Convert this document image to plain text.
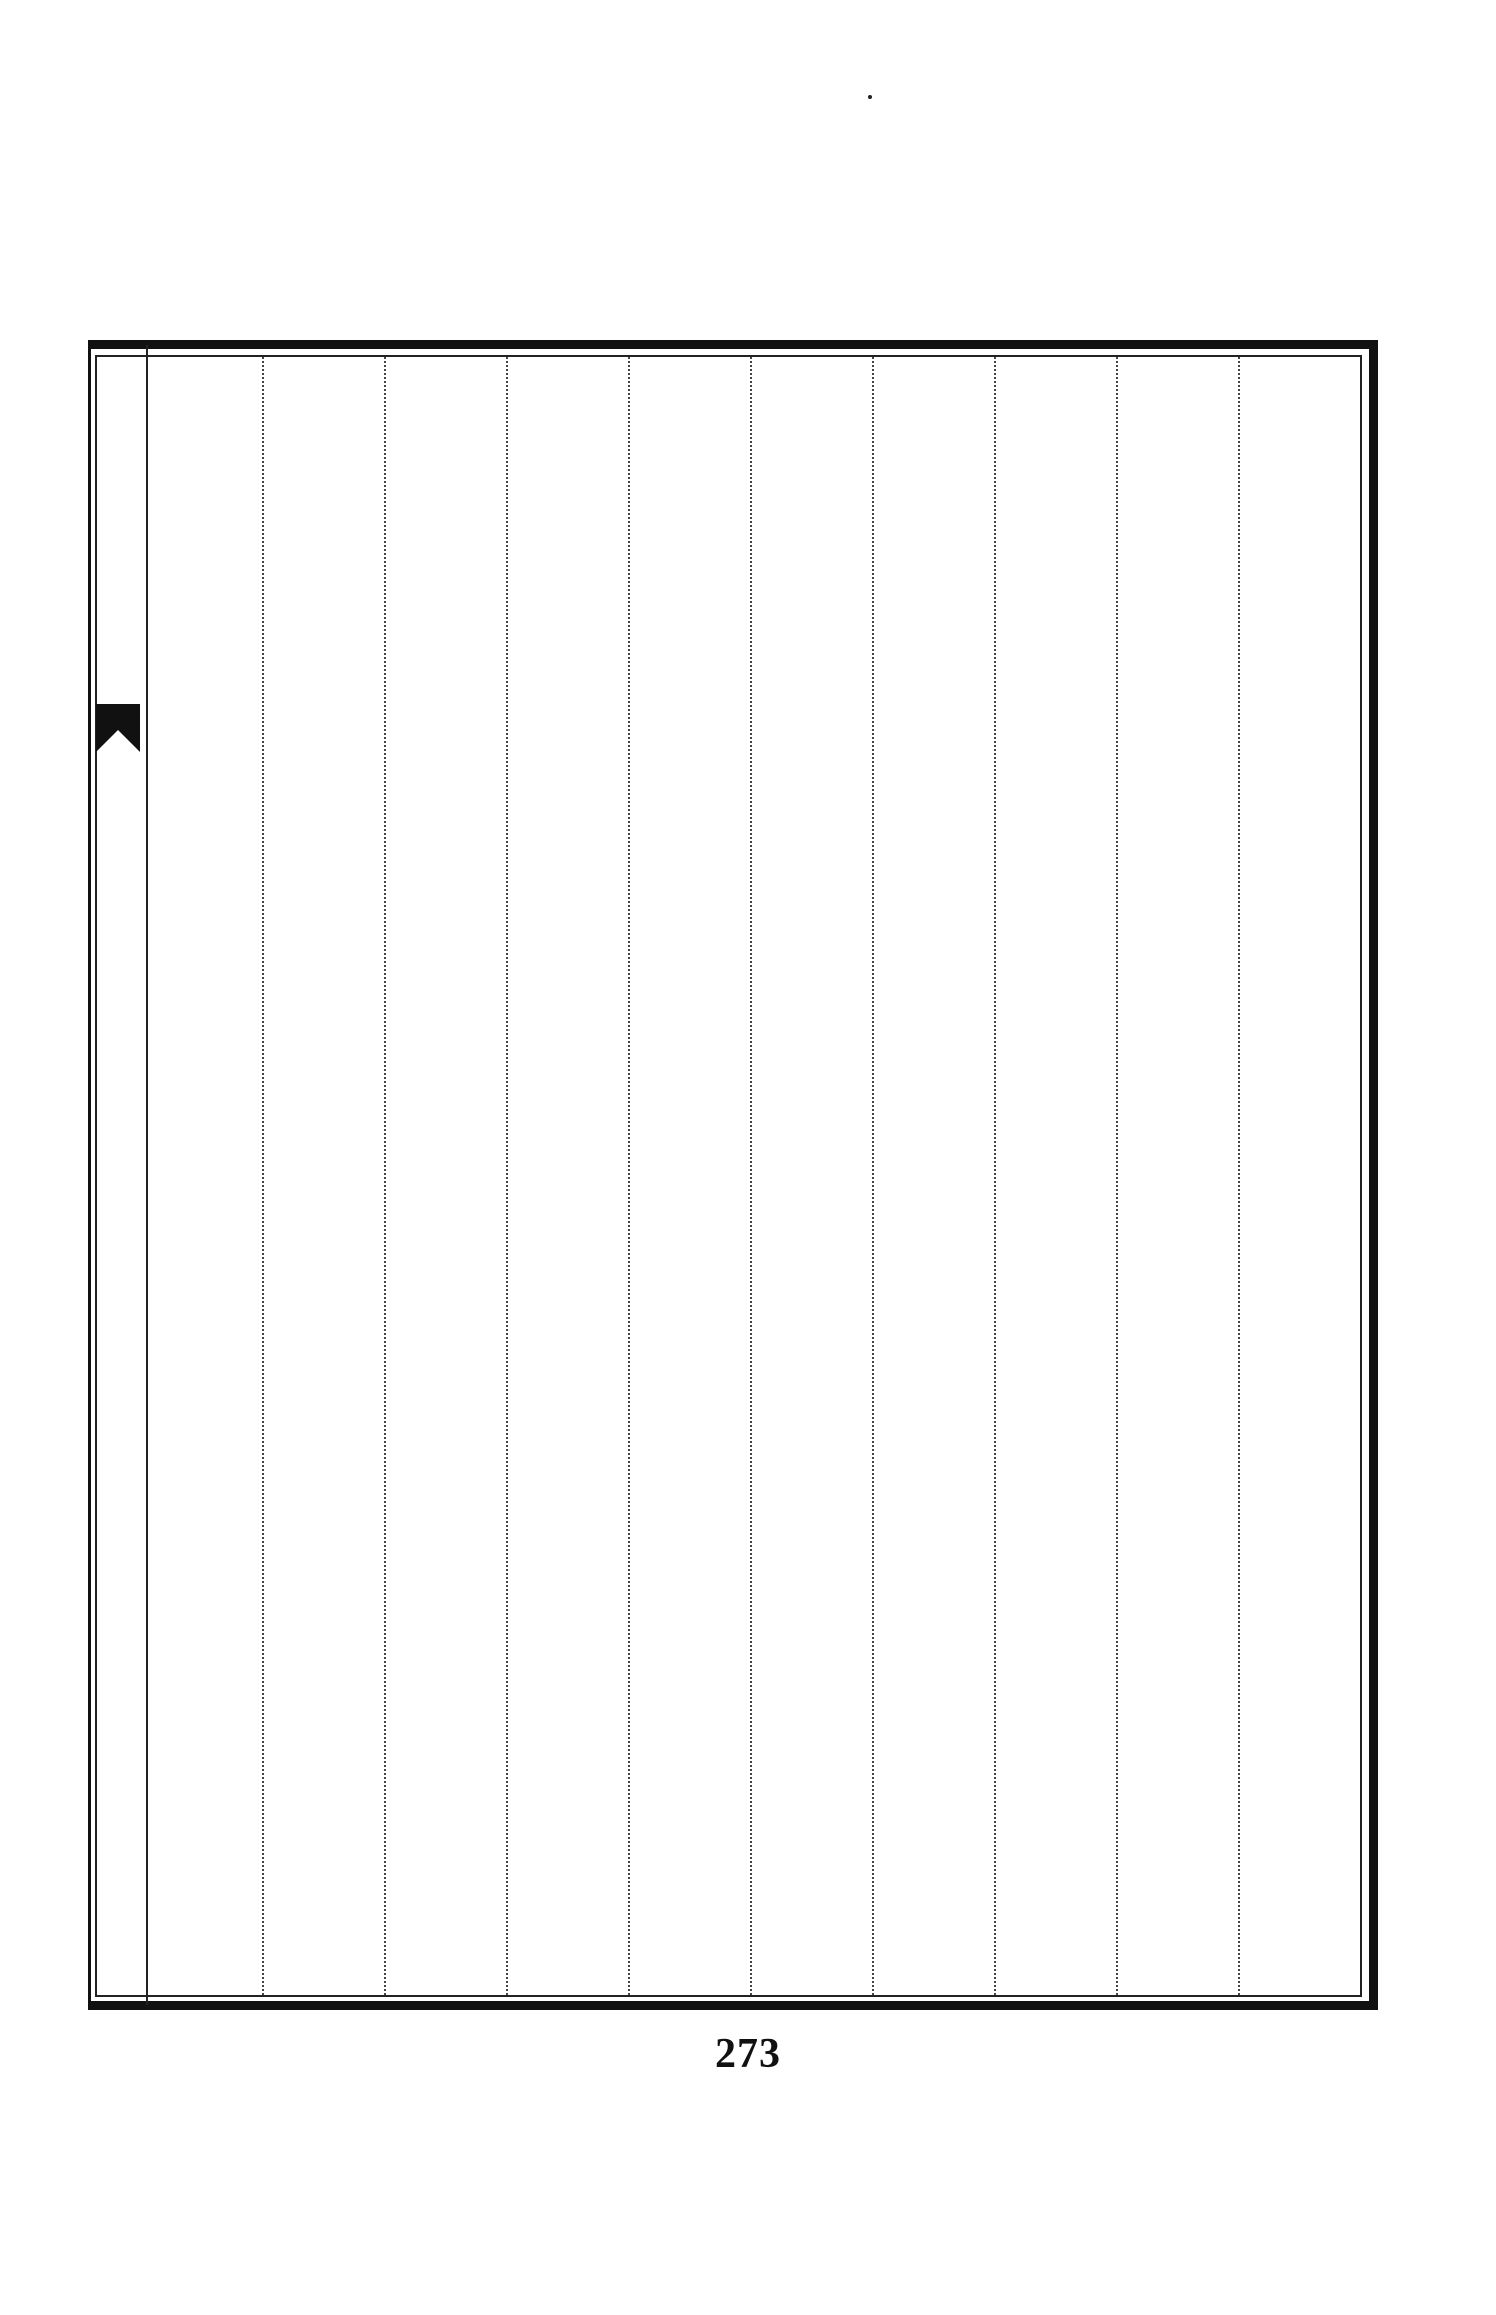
273
